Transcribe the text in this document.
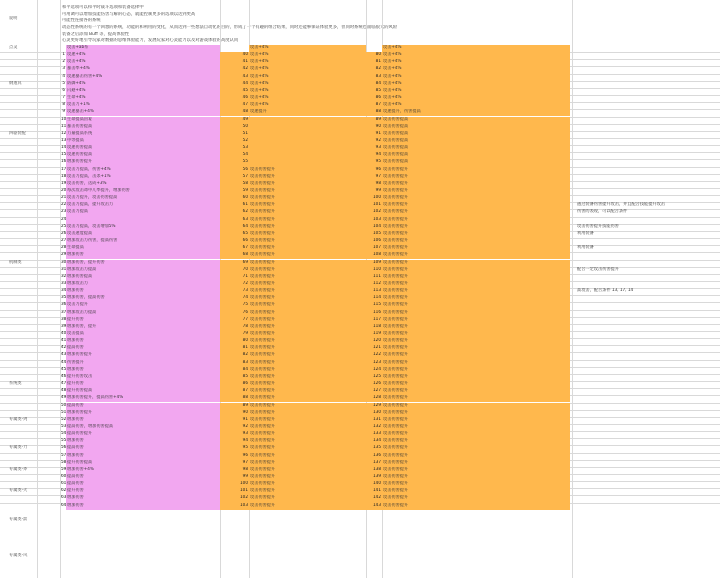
和平选项可以和平时战斗选项和装备选择中
可用调可以增加技能伤害与解的心态，就能控制更多的选项以达到更高
可能性连接各的系统
动态性系统的有一个回想的系统，功能的和利用的变化，从而达到一些想法自动化的目的，形成了一个有趣的组合结果，同时还能够保证体验更多，但同时系统也面临很大的风险
装备之后添加 Buff 等，提高体验性
心灵更好地引导玩家对数据的思维体验能力，发展玩家对心灵能力以及对游戏体验的高度认同
说明
攻击+ab系	攻击+4%	攻击+4%
1 攻速+4%	40 攻击+4%	80 攻击+4%
2 攻击+4%	41 攻击+4%	81 攻击+4%
3 暴击率+4%	42 攻击+4%	82 攻击+4%
4 攻速暴击伤害+4%	43 攻击+4%	83 攻击+4%
5 防御+4%	44 攻击+4%	84 攻击+4%
6 闪避+4%	45 攻击+4%	85 攻击+4%
7 生命+4%	46 攻击+4%	86 攻击+4%
8 攻击力+1%	47 攻击+4%	87 攻击+4%
9 攻速暴击+4%	48 攻速提升	88 攻速提升，伤害提高
10 生命提高回复	49	89 攻击伤害提高
11 暴击伤害提高	50	90 攻击伤害提高
12 力量提高系统	51	91 攻击伤害提高
13 中等提高	52	92 攻击伤害提高
14 攻速伤害提高	53	93 攻击伤害提高
15 攻速伤害提高	54	94 攻击伤害提高
16 增加伤害提升	55	95 攻击伤害提高
17 攻击力提高，伤害+4%	56 攻击伤害提升	96 攻击伤害提升
18 攻击力提高，击杀+1%	57 攻击伤害提升	97 攻击伤害提升
19 攻击伤害，达成+3%	58 攻击伤害提升	98 攻击伤害提升
20 每次攻击命中几率提升，增加伤害	59 攻击伤害提升	99 攻击伤害提升
21 攻击力提升，攻击伤害提高	60 攻击伤害提升	100 攻击伤害提升
22 攻击力提高，提升攻击力	61 攻击伤害提升	101 攻击伤害提升
23 攻击力提高	62 攻击伤害提升	102 攻击伤害提升
24	63 攻击伤害提升	103 攻击伤害提升
25 攻击力提高，攻击增加5%	64 攻击伤害提升	104 攻击伤害提升
26 攻击速度提高	65 攻击伤害提升	105 攻击伤害提升
27 增加攻击力伤害，提高伤害	66 攻击伤害提升	106 攻击伤害提升
28 生命提高	67 攻击伤害提升	107 攻击伤害提升
29 增加伤害	68 攻击伤害提升	108 攻击伤害提升
30 增加伤害，提升伤害	69 攻击伤害提升	109 攻击伤害提升
31 增加攻击力提高	70 攻击伤害提升	110 攻击伤害提升
32 增加伤害提高	71 攻击伤害提升	111 攻击伤害提升
33 增加攻击力	72 攻击伤害提升	112 攻击伤害提升
34 增加伤害	73 攻击伤害提升	113 攻击伤害提升
35 增加伤害，提高伤害	74 攻击伤害提升	114 攻击伤害提升
36 攻击力提升	75 攻击伤害提升	115 攻击伤害提升
37 增加攻击力提高	76 攻击伤害提升	116 攻击伤害提升
38 提升伤害	77 攻击伤害提升	117 攻击伤害提升
39 增加伤害，提升	78 攻击伤害提升	118 攻击伤害提升
40 攻击提高	79 攻击伤害提升	119 攻击伤害提升
41 增加伤害	80 攻击伤害提升	120 攻击伤害提升
42 提高伤害	81 攻击伤害提升	121 攻击伤害提升
43 增加伤害提升	82 攻击伤害提升	122 攻击伤害提升
44 伤害提升	83 攻击伤害提升	123 攻击伤害提升
45 增加伤害	84 攻击伤害提升	124 攻击伤害提升
46 提升伤害攻击	85 攻击伤害提升	125 攻击伤害提升
47 提升伤害	86 攻击伤害提升	126 攻击伤害提升
48 提升伤害提高	87 攻击伤害提升	127 攻击伤害提升
49 增加伤害提升，提高伤害+4%	88 攻击伤害提升	128 攻击伤害提升
50 提高伤害	89 攻击伤害提升	129 攻击伤害提升
51 增加伤害提升	90 攻击伤害提升	130 攻击伤害提升
52 增加伤害	91 攻击伤害提升	131 攻击伤害提升
53 提高伤害，增加伤害提高	92 攻击伤害提升	132 攻击伤害提升
54 提高伤害提升	93 攻击伤害提升	133 攻击伤害提升
55 增加伤害	94 攻击伤害提升	134 攻击伤害提升
56 提高伤害	95 攻击伤害提升	135 攻击伤害提升
57 增加伤害	96 攻击伤害提升	136 攻击伤害提升
58 提升伤害提高	97 攻击伤害提升	137 攻击伤害提升
59 增加伤害+4%	98 攻击伤害提升	138 攻击伤害提升
60 提高伤害	99 攻击伤害提升	139 攻击伤害提升
61 提高伤害	100 攻击伤害提升	140 攻击伤害提升
62 提升伤害	101 攻击伤害提升	141 攻击伤害提升
63 增加伤害	102 攻击伤害提升	142 攻击伤害提升
64 增加伤害	103 攻击伤害提升	143 攻击伤害提升
点灵
钢道具
四驱装配
机制类
系统类
专属类-剑
专属类-刀
专属类-斧
专属类-火
专属类-箭
专属类-风
通过装备伤害提升攻击，并且配合技能提升攻击
伤害的表现，可以配合条件
攻击伤害提升技能伤害
利用装备
利用装备
配合一定攻击伤害提升
高攻击，配合条件 13, 17, 14
